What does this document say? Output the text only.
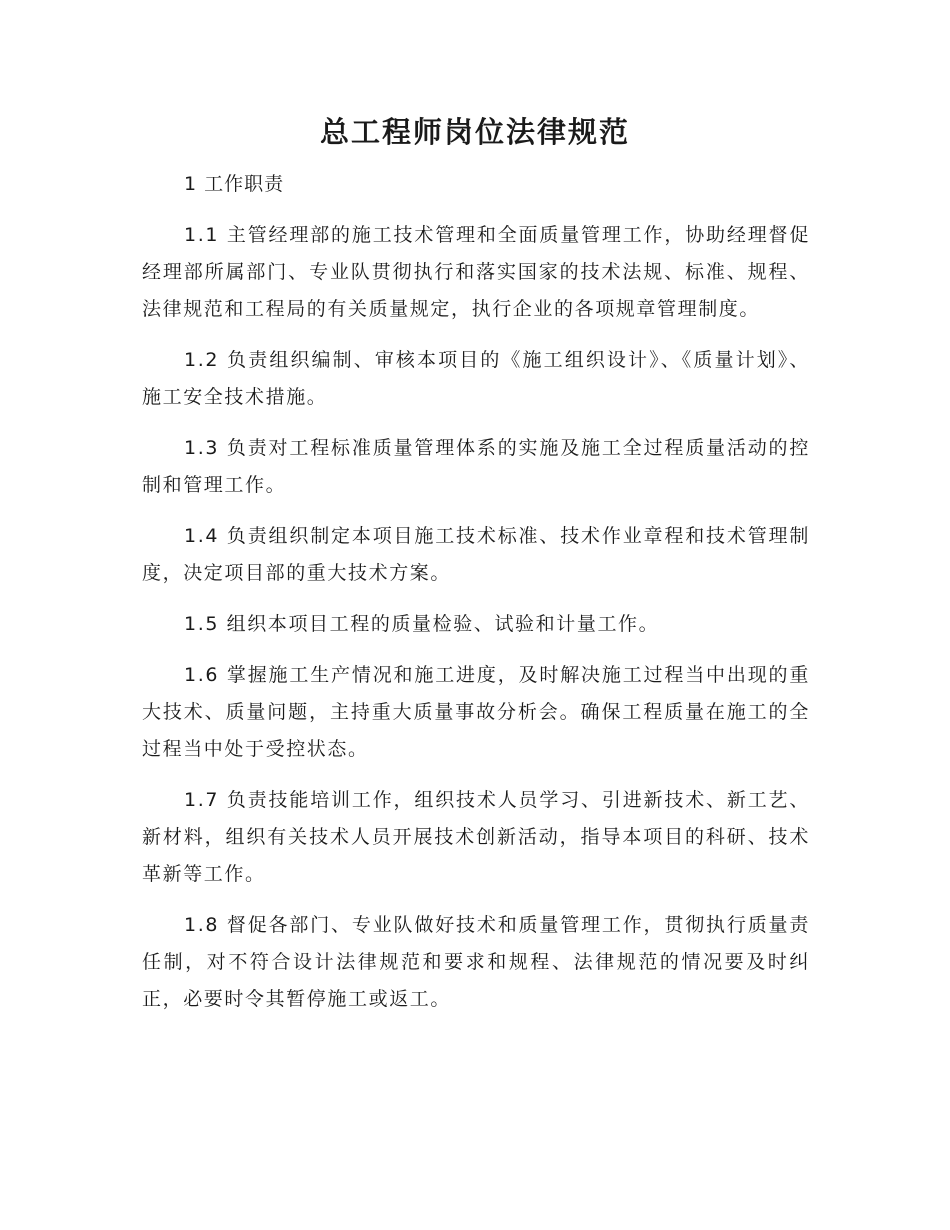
总工程师岗位法律规范

1 工作职责

1.1 主管经理部的施工技术管理和全面质量管理工作，协助经理督促经理部所属部门、专业队贯彻执行和落实国家的技术法规、标准、规程、法律规范和工程局的有关质量规定，执行企业的各项规章管理制度。

1.2 负责组织编制、审核本项目的《施工组织设计》、《质量计划》、施工安全技术措施。

1.3 负责对工程标准质量管理体系的实施及施工全过程质量活动的控制和管理工作。

1.4 负责组织制定本项目施工技术标准、技术作业章程和技术管理制度，决定项目部的重大技术方案。

1.5 组织本项目工程的质量检验、试验和计量工作。

1.6 掌握施工生产情况和施工进度，及时解决施工过程当中出现的重大技术、质量问题，主持重大质量事故分析会。确保工程质量在施工的全过程当中处于受控状态。

1.7 负责技能培训工作，组织技术人员学习、引进新技术、新工艺、新材料，组织有关技术人员开展技术创新活动，指导本项目的科研、技术革新等工作。

1.8 督促各部门、专业队做好技术和质量管理工作，贯彻执行质量责任制，对不符合设计法律规范和要求和规程、法律规范的情况要及时纠正，必要时令其暂停施工或返工。
